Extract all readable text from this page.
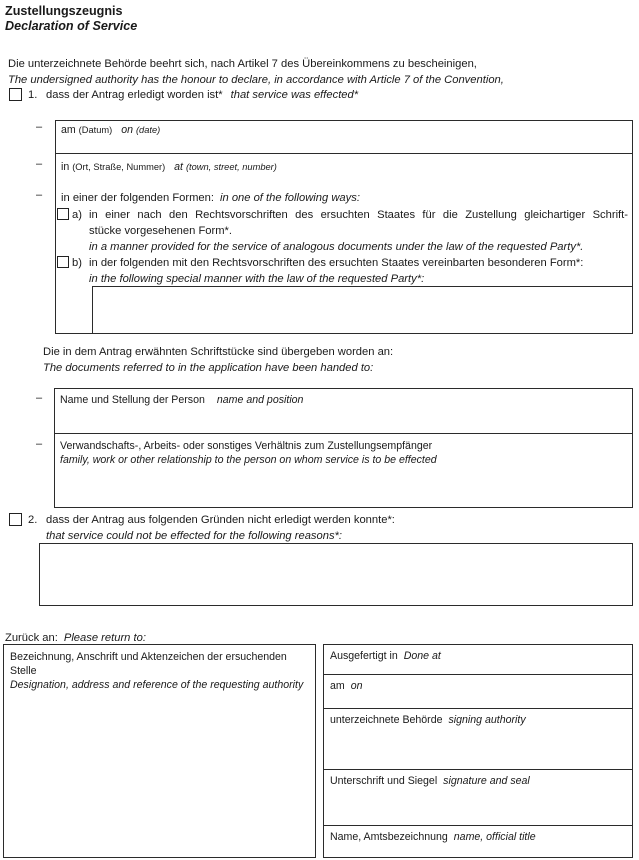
Zustellungszeugnis
Declaration of Service
Die unterzeichnete Behörde beehrt sich, nach Artikel 7 des Übereinkommens zu bescheinigen,
The undersigned authority has the honour to declare, in accordance with Article 7 of the Convention,
1. dass der Antrag erledigt worden ist* that service was effected*
– am (Datum) on (date)
– in (Ort, Straße, Nummer) at (town, street, number)
– in einer der folgenden Formen: in one of the following ways:
a) in einer nach den Rechtsvorschriften des ersuchten Staates für die Zustellung gleichartiger Schrift-
stücke vorgesehenen Form*.
in a manner provided for the service of analogous documents under the law of the requested Party*.
b) in der folgenden mit den Rechtsvorschriften des ersuchten Staates vereinbarten besonderen Form*:
in the following special manner with the law of the requested Party*:
Die in dem Antrag erwähnten Schriftstücke sind übergeben worden an:
The documents referred to in the application have been handed to:
– Name und Stellung der Person name and position
– Verwandschafts-, Arbeits- oder sonstiges Verhältnis zum Zustellungsempfänger
family, work or other relationship to the person on whom service is to be effected
2. dass der Antrag aus folgenden Gründen nicht erledigt werden konnte*:
that service could not be effected for the following reasons*:
Zurück an: Please return to:
Bezeichnung, Anschrift und Aktenzeichen der ersuchenden
Stelle
Designation, address and reference of the requesting authority
Ausgefertigt in Done at
am on
unterzeichnete Behörde signing authority
Unterschrift und Siegel signature and seal
Name, Amtsbezeichnung name, official title
